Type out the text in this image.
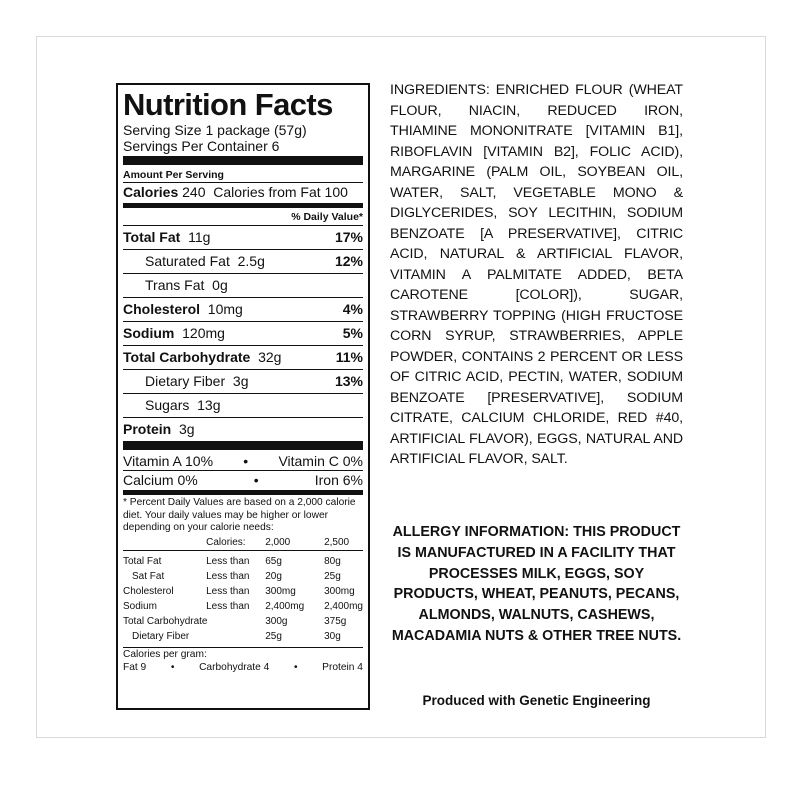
Nutrition Facts
Serving Size 1 package (57g)
Servings Per Container 6
Amount Per Serving
Calories 240 Calories from Fat 100
% Daily Value*
Total Fat 11g	17%
Saturated Fat 2.5g	12%
Trans Fat 0g
Cholesterol 10mg	4%
Sodium 120mg	5%
Total Carbohydrate 32g	11%
Dietary Fiber 3g	13%
Sugars 13g
Protein 3g
Vitamin A 10% • Vitamin C 0%
Calcium 0%	•	Iron 6%
* Percent Daily Values are based on a 2,000 calorie diet. Your daily values may be higher or lower depending on your calorie needs:
	Calories:	2,000	2,500

Total Fat	Less than	65g	80g
Sat Fat	Less than	20g	25g
Cholesterol	Less than	300mg	300mg
Sodium	Less than	2,400mg	2,400mg
Total Carbohydrate		300g	375g
Dietary Fiber		25g	30g
Calories per gram:
Fat 9 • Carbohydrate 4 • Protein 4
INGREDIENTS: ENRICHED FLOUR (WHEAT FLOUR, NIACIN, REDUCED IRON, THIAMINE MONONITRATE [VITAMIN B1], RIBOFLAVIN [VITAMIN B2], FOLIC ACID), MARGARINE (PALM OIL, SOYBEAN OIL, WATER, SALT, VEGETABLE MONO & DIGLYCERIDES, SOY LECITHIN, SODIUM BENZOATE [A PRESERVATIVE], CITRIC ACID, NATURAL & ARTIFICIAL FLAVOR, VITAMIN A PALMITATE ADDED, BETA CAROTENE [COLOR]), SUGAR, STRAWBERRY TOPPING (HIGH FRUCTOSE CORN SYRUP, STRAWBERRIES, APPLE POWDER, CONTAINS 2 PERCENT OR LESS OF CITRIC ACID, PECTIN, WATER, SODIUM BENZOATE [PRESERVATIVE], SODIUM CITRATE, CALCIUM CHLORIDE, RED #40, ARTIFICIAL FLAVOR), EGGS, NATURAL AND ARTIFICIAL FLAVOR, SALT.
ALLERGY INFORMATION: THIS PRODUCT IS MANUFACTURED IN A FACILITY THAT PROCESSES MILK, EGGS, SOY PRODUCTS, WHEAT, PEANUTS, PECANS, ALMONDS, WALNUTS, CASHEWS, MACADAMIA NUTS & OTHER TREE NUTS.
Produced with Genetic Engineering
